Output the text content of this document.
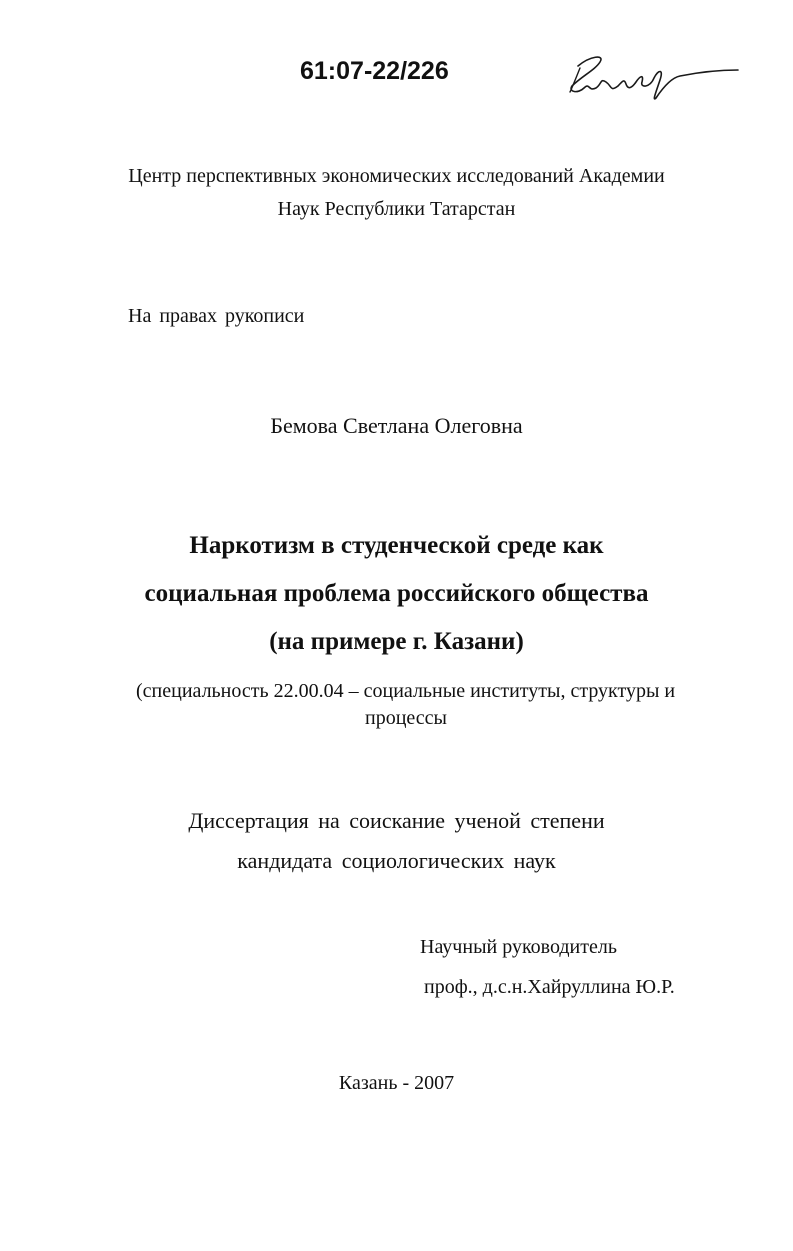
61:07-22/226
Центр перспективных экономических исследований Академии
Наук Республики Татарстан
На правах рукописи
Бемова Светлана Олеговна
Наркотизм в студенческой среде как
социальная проблема российского общества
(на примере г. Казани)
(специальность 22.00.04 – социальные институты, структуры и
процессы
Диссертация на соискание ученой степени
кандидата социологических наук
Научный руководитель
проф., д.с.н.Хайруллина Ю.Р.
Казань - 2007
